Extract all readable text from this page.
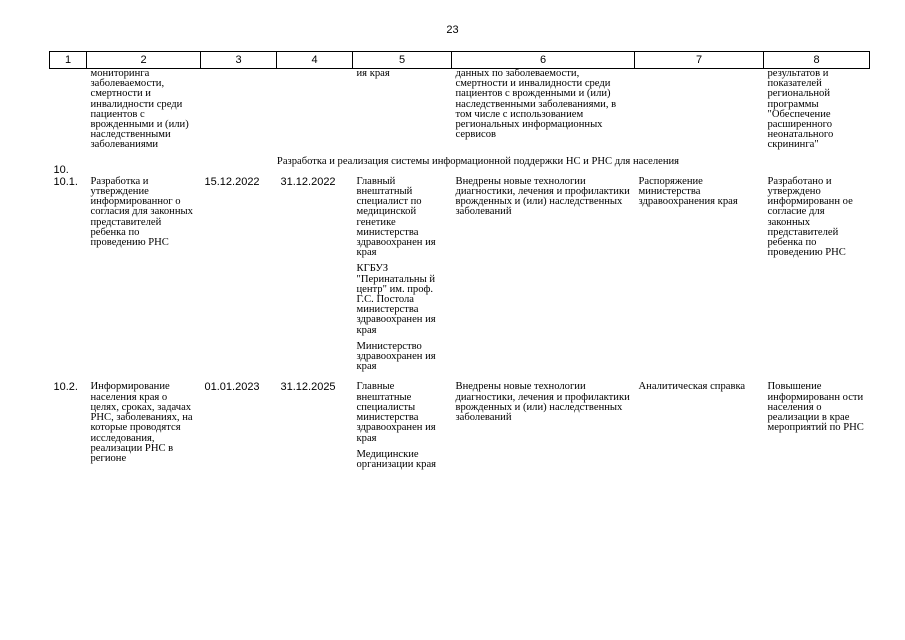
23
1	2	3	4	5	6	7	8
	мониторинга заболеваемости, смертности и инвалидности среди пациентов с врожденными и (или) наследственными заболеваниями			ия края	данных по заболеваемости, смертности и инвалидности среди пациентов с врожденными и (или) наследственными заболеваниями, в том числе с использованием региональных информационных сервисов		результатов и показателей региональной программы "Обеспечение расширенного неонатального скрининга"
10.	Разработка и реализация системы информационной поддержки НС и РНС для населения						
10.1.	Разработка и утверждение информированног о согласия для законных представителей ребенка по проведению РНС	15.12.2022	31.12.2022	Главный внештатный специалист по медицинской генетике министерства здравоохранен ия края
КГБУЗ "Перинатальны й центр" им. проф. Г.С. Постола министерства здравоохранен ия края
Министерство здравоохранен ия края	Внедрены новые технологии диагностики, лечения и профилактики врожденных и (или) наследственных заболеваний	Распоряжение министерства здравоохранения края	Разработано и утверждено информированн ое согласие для законных представителей ребенка по проведению РНС
10.2.	Информирование населения края о целях, сроках, задачах РНС, заболеваниях, на которые проводятся исследования, реализации РНС в регионе	01.01.2023	31.12.2025	Главные внештатные специалисты министерства здравоохранен ия края
Медицинские организации края	Внедрены новые технологии диагностики, лечения и профилактики врожденных и (или) наследственных заболеваний	Аналитическая справка	Повышение информированн ости населения о реализации в крае мероприятий по РНС
